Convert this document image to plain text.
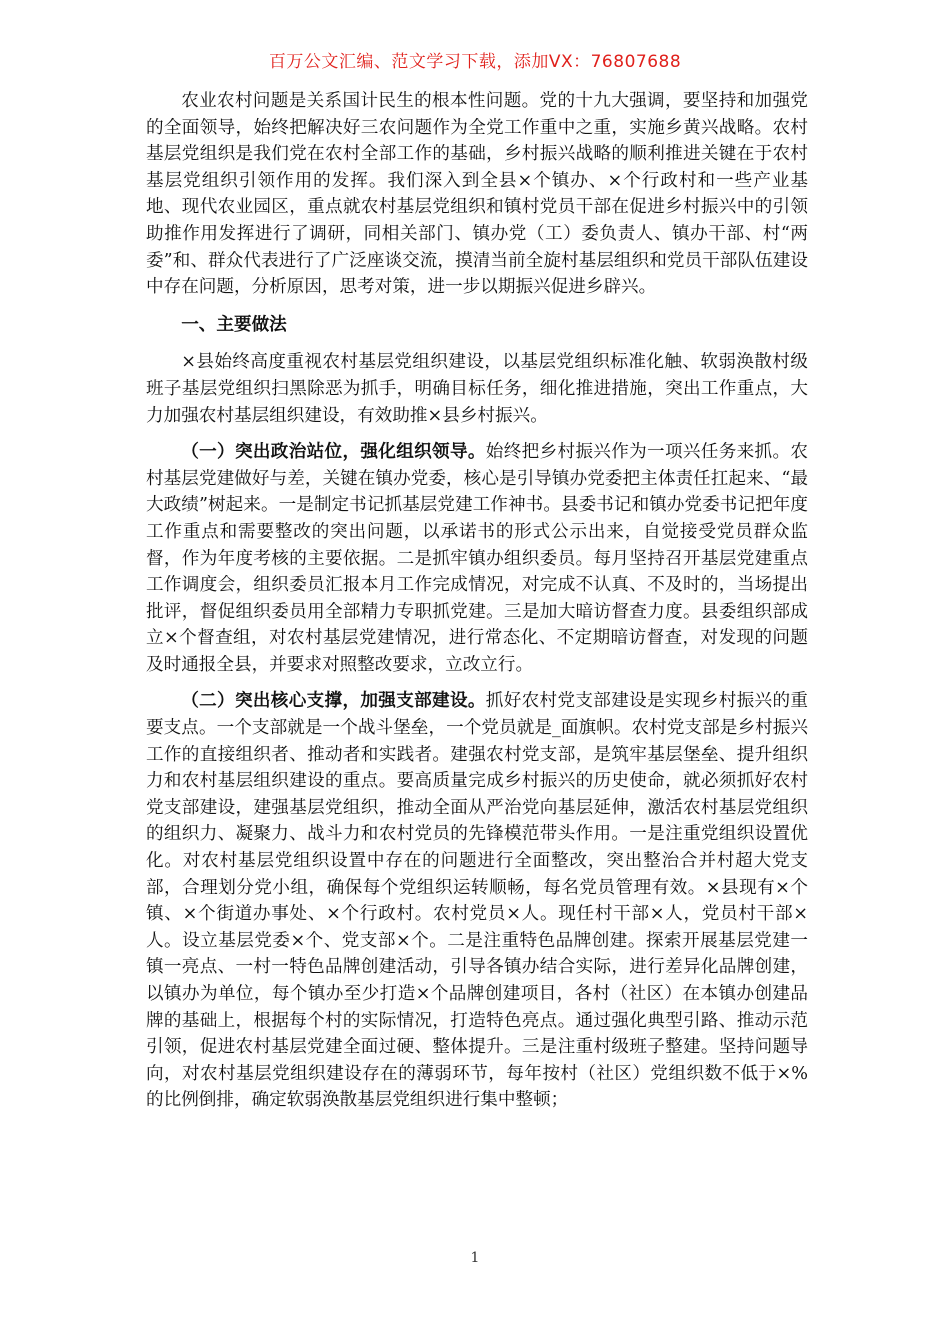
百万公文汇编、范文学习下载，添加VX：76807688

农业农村问题是关系国计民生的根本性问题。党的十九大强调，要坚持和加强党的全面领导，始终把解决好三农问题作为全党工作重中之重，实施乡黄兴战略。农村基层党组织是我们党在农村全部工作的基础，乡村振兴战略的顺利推进关键在于农村基层党组织引领作用的发挥。我们深入到全县×个镇办、×个行政村和一些产业基地、现代农业园区，重点就农村基层党组织和镇村党员干部在促进乡村振兴中的引领助推作用发挥进行了调研，同相关部门、镇办党（工）委负责人、镇办干部、村“两委”和、群众代表进行了广泛座谈交流，摸清当前全旋村基层组织和党员干部队伍建设中存在问题，分析原因，思考对策，进一步以期振兴促进乡辟兴。

一、主要做法

×县始终高度重视农村基层党组织建设，以基层党组织标准化触、软弱涣散村级班子基层党组织扫黑除恶为抓手，明确目标任务，细化推进措施，突出工作重点，大力加强农村基层组织建设，有效助推×县乡村振兴。

（一）突出政治站位，强化组织领导。始终把乡村振兴作为一项兴任务来抓。农村基层党建做好与差，关键在镇办党委，核心是引导镇办党委把主体责任扛起来、“最大政绩”树起来。一是制定书记抓基层党建工作神书。县委书记和镇办党委书记把年度工作重点和需要整改的突出问题，以承诺书的形式公示出来，自觉接受党员群众监督，作为年度考核的主要依据。二是抓牢镇办组织委员。每月坚持召开基层党建重点工作调度会，组织委员汇报本月工作完成情况，对完成不认真、不及时的，当场提出批评，督促组织委员用全部精力专职抓党建。三是加大暗访督查力度。县委组织部成立×个督查组，对农村基层党建情况，进行常态化、不定期暗访督查，对发现的问题及时通报全县，并要求对照整改要求，立改立行。

（二）突出核心支撑，加强支部建设。抓好农村党支部建设是实现乡村振兴的重要支点。一个支部就是一个战斗堡垒，一个党员就是_面旗帜。农村党支部是乡村振兴工作的直接组织者、推动者和实践者。建强农村党支部，是筑牢基层堡垒、提升组织力和农村基层组织建设的重点。要高质量完成乡村振兴的历史使命，就必须抓好农村党支部建设，建强基层党组织，推动全面从严治党向基层延伸，激活农村基层党组织的组织力、凝聚力、战斗力和农村党员的先锋模范带头作用。一是注重党组织设置优化。对农村基层党组织设置中存在的问题进行全面整改，突出整治合并村超大党支部，合理划分党小组，确保每个党组织运转顺畅，每名党员管理有效。×县现有×个镇、×个街道办事处、×个行政村。农村党员×人。现任村干部×人，党员村干部×人。设立基层党委×个、党支部×个。二是注重特色品牌创建。探索开展基层党建一镇一亮点、一村一特色品牌创建活动，引导各镇办结合实际，进行差异化品牌创建，以镇办为单位，每个镇办至少打造×个品牌创建项目，各村（社区）在本镇办创建品牌的基础上，根据每个村的实际情况，打造特色亮点。通过强化典型引路、推动示范引领，促进农村基层党建全面过硬、整体提升。三是注重村级班子整建。坚持问题导向，对农村基层党组织建设存在的薄弱环节，每年按村（社区）党组织数不低于×%的比例倒排，确定软弱涣散基层党组织进行集中整顿；

1
